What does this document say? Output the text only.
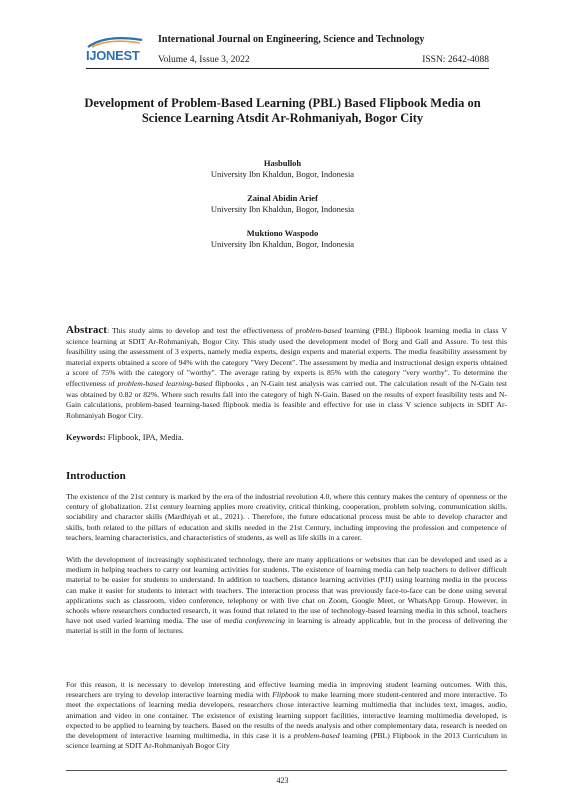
IJONEST
International Journal on Engineering, Science and Technology
Volume 4, Issue 3, 2022	ISSN: 2642-4088
Development of Problem-Based Learning (PBL) Based Flipbook Media on
Science Learning Atsdit Ar-Rohmaniyah, Bogor City
Hasbulloh
University Ibn Khaldun, Bogor, Indonesia
Zainal Abidin Arief
University Ibn Khaldun, Bogor, Indonesia
Muktiono Waspodo
University Ibn Khaldun, Bogor, Indonesia
Abstract: This study aims to develop and test the effectiveness of problem-based learning (PBL) flipbook learning media in class V science learning at SDIT Ar-Rohmaniyah, Bogor City. This study used the development model of Borg and Gall and Assure. To test this feasibility using the assessment of 3 experts, namely media experts, design experts and material experts. The media feasibility assessment by material experts obtained a score of 94% with the category "Very Decent". The assessment by media and instructional design experts obtained a score of 75% with the category of "worthy". The average rating by experts is 85% with the category "very worthy". To determine the effectiveness of problem-based learning-based flipbooks , an N-Gain test analysis was carried out. The calculation result of the N-Gain test was obtained by 0.82 or 82%. Where such results fall into the category of high N-Gain. Based on the results of expert feasibility tests and N-Gain calculations, problem-based learning-based flipbook media is feasible and effective for use in class V science subjects in SDIT Ar-Rohmaniyah Bogor City.
Keywords: Flipbook, IPA, Media.
Introduction
The existence of the 21st century is marked by the era of the industrial revolution 4.0, where this century makes the century of openness or the century of globalization. 21st century learning applies more creativity, critical thinking, cooperation, problem solving, communication skills, sociability and character skills (Mardhiyah et al., 2021). . Therefore, the future educational process must be able to develop character and skills, both related to the pillars of education and skills needed in the 21st Century, including improving the profession and competence of teachers, learning characteristics, and characteristics of students, as well as life skills in a career.
With the development of increasingly sophisticated technology, there are many applications or websites that can be developed and used as a medium in helping teachers to carry out learning activities for students. The existence of learning media can help teachers to deliver difficult material to be easier for students to understand. In addition to teachers, distance learning activities (PJJ) using learning media in the process can make it easier for students to interact with teachers. The interaction process that was previously face-to-face can be done using several applications such as classroom, video conference, telephony or with live chat on Zoom, Google Meet, or WhatsApp Group. However, in schools where researchers conducted research, it was found that related to the use of technology-based learning media in this school, teachers have not used varied learning media. The use of media conferencing in learning is already applicable, but in the process of delivering the material is still in the form of lectures.
For this reason, it is necessary to develop interesting and effective learning media in improving student learning outcomes. With this, researchers are trying to develop interactive learning media with Flipbook to make learning more student-centered and more interactive. To meet the expectations of learning media developers, researchers chose interactive learning multimedia that includes text, images, audio, animation and video in one container. The existence of existing learning support facilities, interactive learning multimedia developed, is expected to be applied to learning by teachers. Based on the results of the needs analysis and other complementary data, research is needed on the development of interactive learning multimedia, in this case it is a problem-based learning (PBL) Flipbook in the 2013 Curriculum in science learning at SDIT Ar-Rohmaniyah Bogor City
423
